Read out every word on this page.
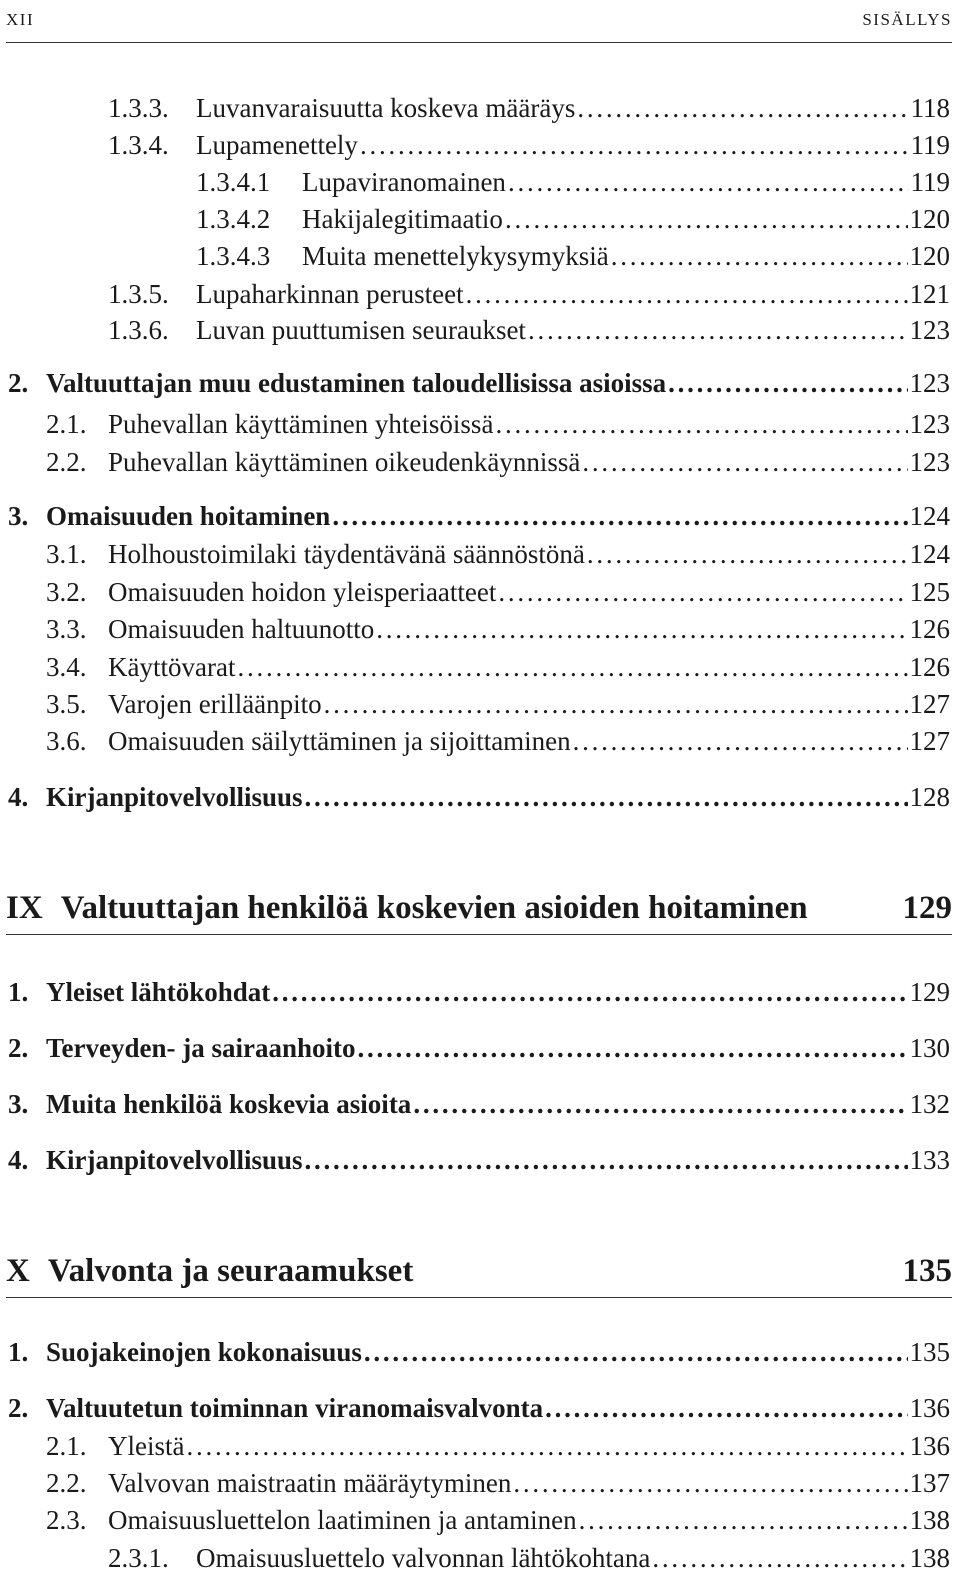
XII	SISÄLLYS
1.3.3.	Luvanvaraisuutta koskeva määräys . . .	118
1.3.4.	Lupamenettely . . .	119
1.3.4.1	Lupaviranomainen . . .	119
1.3.4.2	Hakijalegitimaatio . . .	120
1.3.4.3	Muita menettelykysymyksiä . . .	120
1.3.5.	Lupaharkinnan perusteet . . .	121
1.3.6.	Luvan puuttumisen seuraukset . . .	123
2. Valtuuttajan muu edustaminen taloudellisissa asioissa . . .	123
2.1. Puhevallan käyttäminen yhteisöissä . . .	123
2.2. Puhevallan käyttäminen oikeudenkäynnissä . . .	123
3. Omaisuuden hoitaminen . . .	124
3.1. Holhoustoimilaki täydentävänä säännöstönä . . .	124
3.2. Omaisuuden hoidon yleisperiaatteet . . .	125
3.3. Omaisuuden haltuunotto . . .	126
3.4. Käyttövarat . . .	126
3.5. Varojen erilläänpito . . .	127
3.6. Omaisuuden säilyttäminen ja sijoittaminen . . .	127
4. Kirjanpitovelvollisuus . . .	128
IX Valtuuttajan henkilöä koskevien asioiden hoitaminen	129
1. Yleiset lähtökohdat . . .	129
2. Terveyden- ja sairaanhoito . . .	130
3. Muita henkilöä koskevia asioita . . .	132
4. Kirjanpitovelvollisuus . . .	133
X Valvonta ja seuraamukset	135
1. Suojakeinojen kokonaisuus . . .	135
2. Valtuutetun toiminnan viranomaisvalvonta . . .	136
2.1. Yleistä . . .	136
2.2. Valvovan maistraatin määräytyminen . . .	137
2.3. Omaisuusluettelon laatiminen ja antaminen . . .	138
2.3.1.	Omaisuusluettelo valvonnan lähtökohtana . . .	138
